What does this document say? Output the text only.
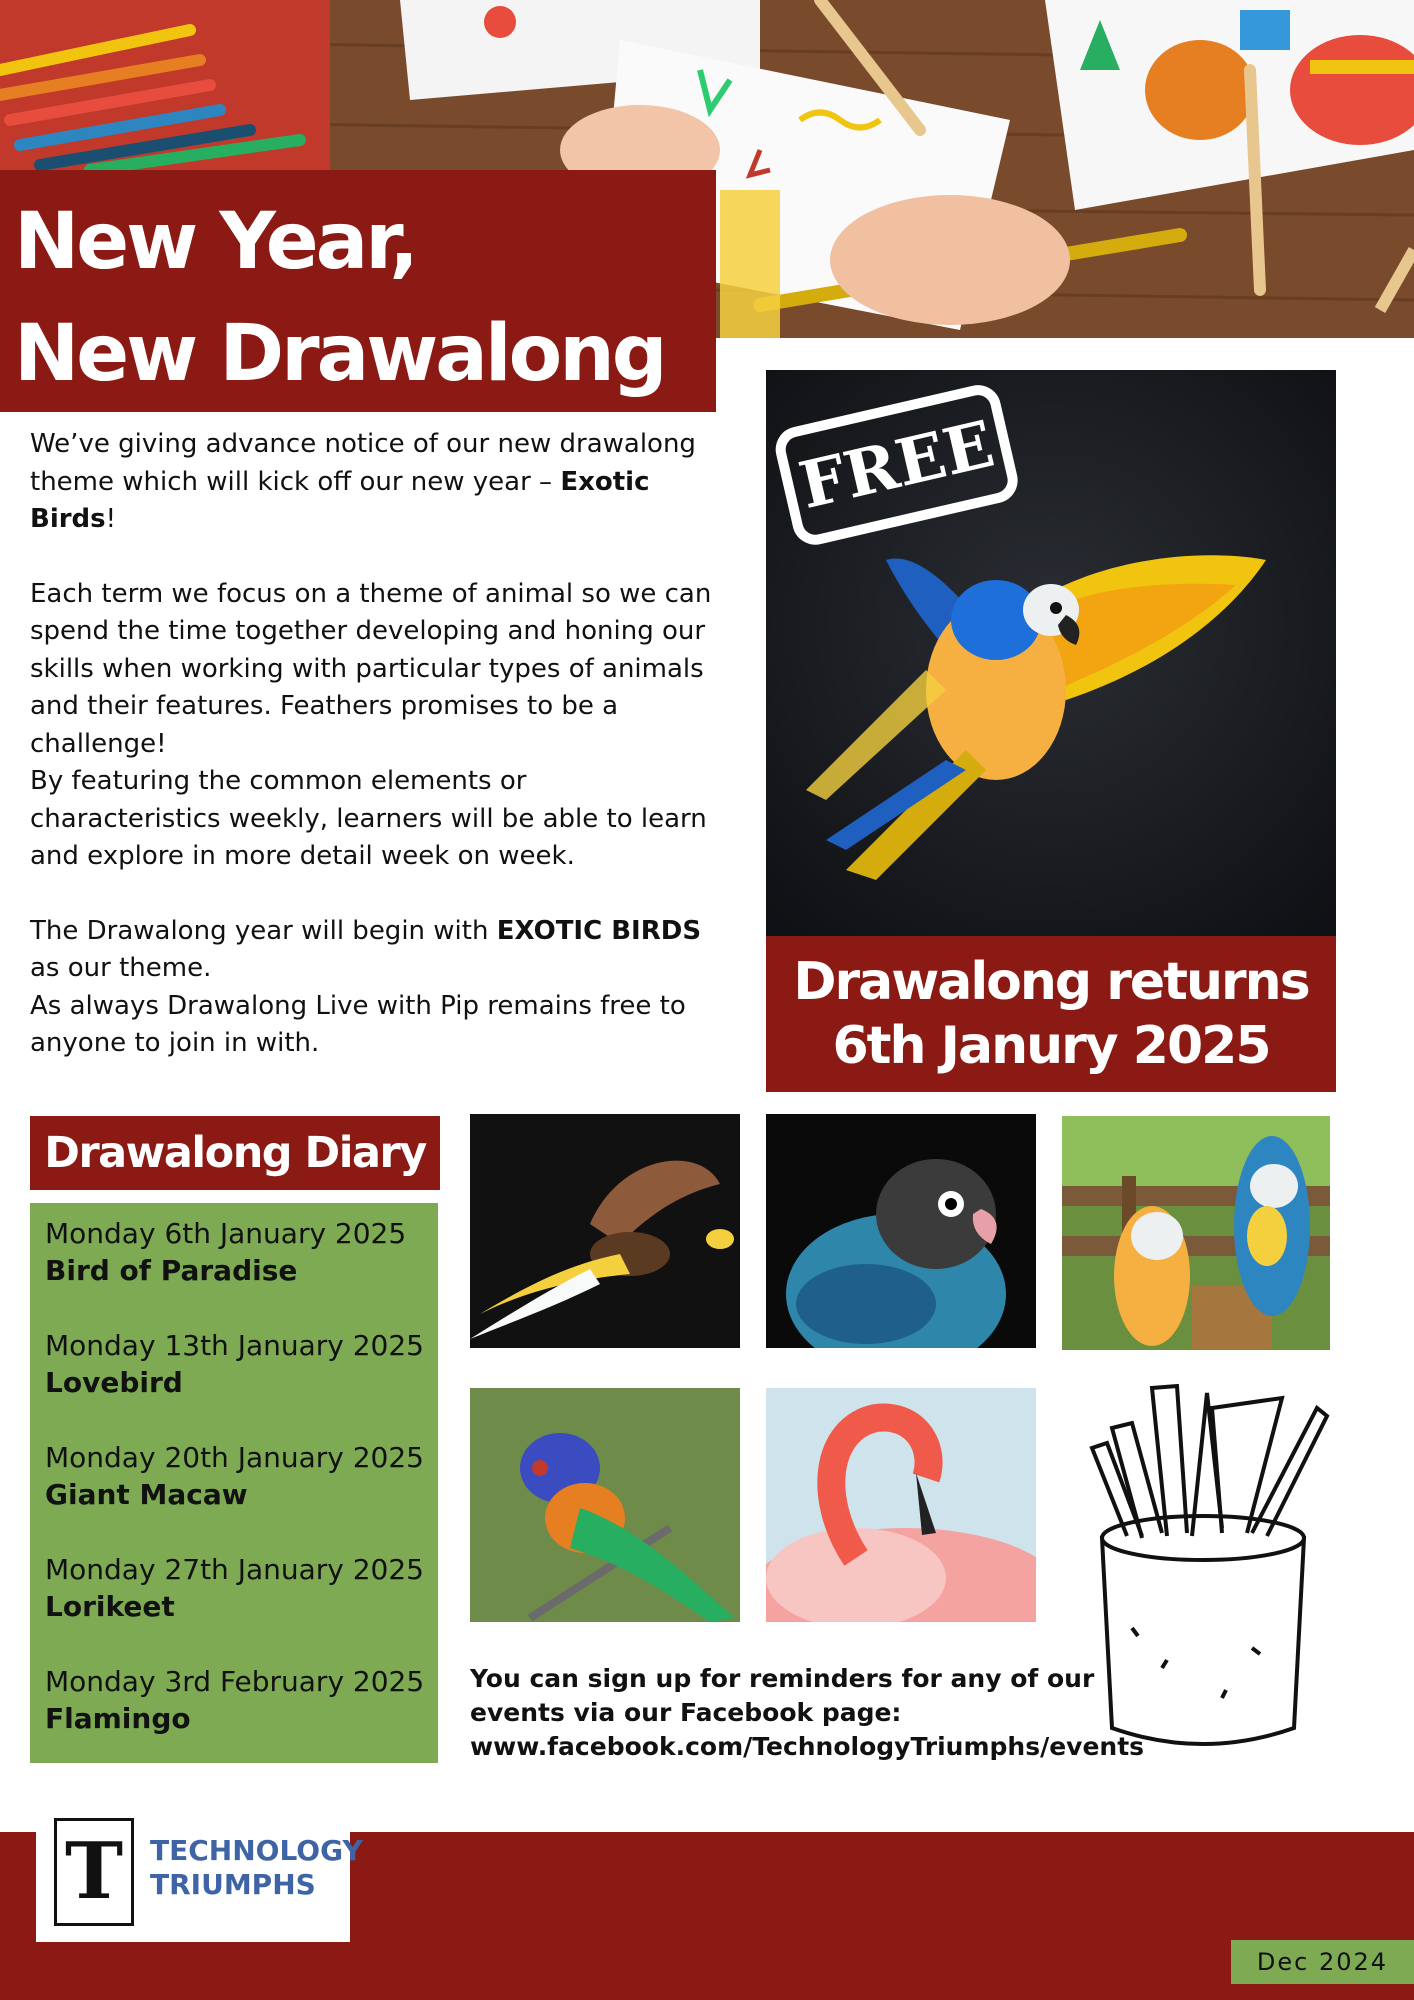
New Year,
New Drawalong

We’ve giving advance notice of our new drawalong theme which will kick off our new year – Exotic Birds!

Each term we focus on a theme of animal so we can spend the time together developing and honing our skills when working with particular types of animals and their features. Feathers promises to be a challenge!

By featuring the common elements or characteristics weekly, learners will be able to learn and explore in more detail week on week.

The Drawalong year will begin with EXOTIC BIRDS as our theme.

As always Drawalong Live with Pip remains free to anyone to join in with.

FREE
Drawalong returns
6th Janury 2025
Drawalong Diary
Monday 6th January 2025
Bird of Paradise
Monday 13th January 2025
Lovebird
Monday 20th January 2025
Giant Macaw
Monday 27th January 2025
Lorikeet
Monday 3rd February 2025
Flamingo
You can sign up for reminders for any of our
events via our Facebook page:
www.facebook.com/TechnologyTriumphs/events
T TECHNOLOGY
TRIUMPHS
Dec 2024
